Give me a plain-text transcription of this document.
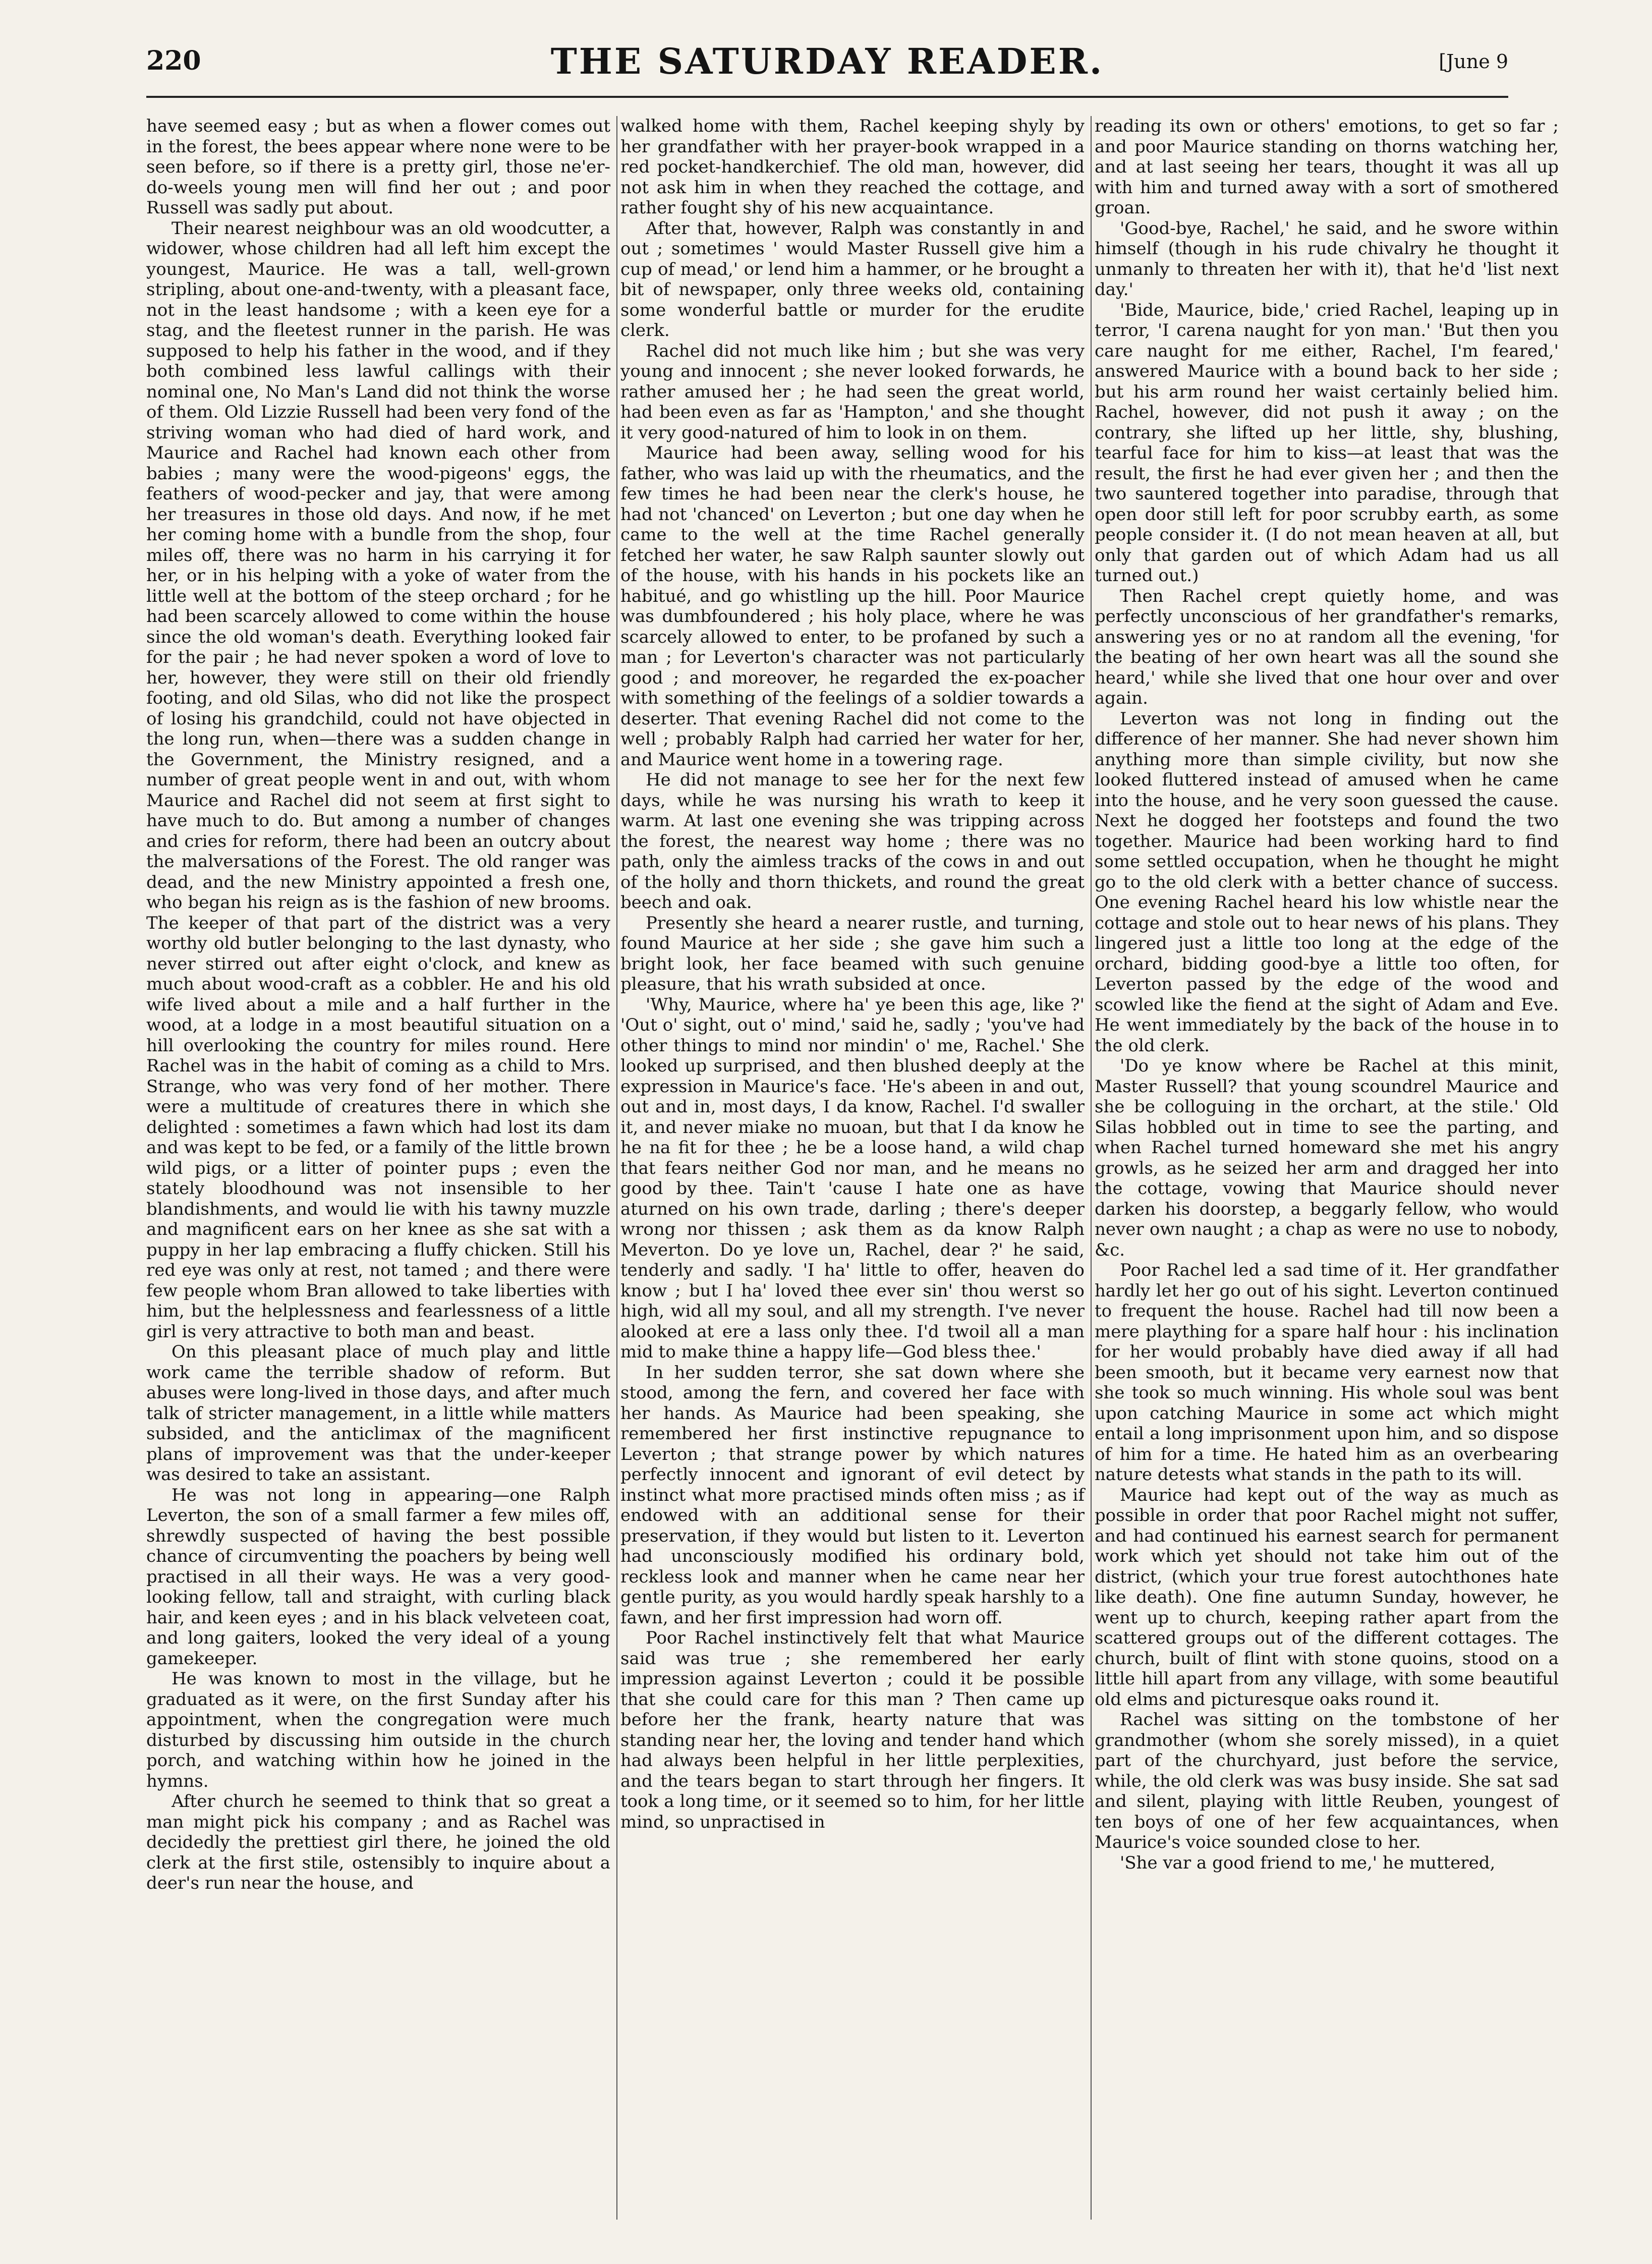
220	THE SATURDAY READER.	[June 9

have seemed easy ; but as when a flower comes out in the forest, the bees appear where none were to be seen before, so if there is a pretty girl, those ne'er-do-weels young men will find her out ; and poor Russell was sadly put about.

Their nearest neighbour was an old woodcutter, a widower, whose children had all left him except the youngest, Maurice. He was a tall, well-grown stripling, about one-and-twenty, with a pleasant face, not in the least handsome ; with a keen eye for a stag, and the fleetest runner in the parish. He was supposed to help his father in the wood, and if they both combined less lawful callings with their nominal one, No Man's Land did not think the worse of them. Old Lizzie Russell had been very fond of the striving woman who had died of hard work, and Maurice and Rachel had known each other from babies ; many were the wood-pigeons' eggs, the feathers of wood-pecker and jay, that were among her treasures in those old days. And now, if he met her coming home with a bundle from the shop, four miles off, there was no harm in his carrying it for her, or in his helping with a yoke of water from the little well at the bottom of the steep orchard ; for he had been scarcely allowed to come within the house since the old woman's death. Everything looked fair for the pair ; he had never spoken a word of love to her, however, they were still on their old friendly footing, and old Silas, who did not like the prospect of losing his grandchild, could not have objected in the long run, when—there was a sudden change in the Government, the Ministry resigned, and a number of great people went in and out, with whom Maurice and Rachel did not seem at first sight to have much to do. But among a number of changes and cries for reform, there had been an outcry about the malversations of the Forest. The old ranger was dead, and the new Ministry appointed a fresh one, who began his reign as is the fashion of new brooms. The keeper of that part of the district was a very worthy old butler belonging to the last dynasty, who never stirred out after eight o'clock, and knew as much about wood-craft as a cobbler. He and his old wife lived about a mile and a half further in the wood, at a lodge in a most beautiful situation on a hill overlooking the country for miles round. Here Rachel was in the habit of coming as a child to Mrs. Strange, who was very fond of her mother. There were a multitude of creatures there in which she delighted : sometimes a fawn which had lost its dam and was kept to be fed, or a family of the little brown wild pigs, or a litter of pointer pups ; even the stately bloodhound was not insensible to her blandishments, and would lie with his tawny muzzle and magnificent ears on her knee as she sat with a puppy in her lap embracing a fluffy chicken. Still his red eye was only at rest, not tamed ; and there were few people whom Bran allowed to take liberties with him, but the helplessness and fearlessness of a little girl is very attractive to both man and beast.

On this pleasant place of much play and little work came the terrible shadow of reform. But abuses were long-lived in those days, and after much talk of stricter management, in a little while matters subsided, and the anticlimax of the magnificent plans of improvement was that the under-keeper was desired to take an assistant.

He was not long in appearing—one Ralph Leverton, the son of a small farmer a few miles off, shrewdly suspected of having the best possible chance of circumventing the poachers by being well practised in all their ways. He was a very good-looking fellow, tall and straight, with curling black hair, and keen eyes ; and in his black velveteen coat, and long gaiters, looked the very ideal of a young gamekeeper.

He was known to most in the village, but he graduated as it were, on the first Sunday after his appointment, when the congregation were much disturbed by discussing him outside in the church porch, and watching within how he joined in the hymns.

After church he seemed to think that so great a man might pick his company ; and as Rachel was decidedly the prettiest girl there, he joined the old clerk at the first stile, ostensibly to inquire about a deer's run near the house, and

walked home with them, Rachel keeping shyly by her grandfather with her prayer-book wrapped in a red pocket-handkerchief. The old man, however, did not ask him in when they reached the cottage, and rather fought shy of his new acquaintance.

After that, however, Ralph was constantly in and out ; sometimes ' would Master Russell give him a cup of mead,' or lend him a hammer, or he brought a bit of newspaper, only three weeks old, containing some wonderful battle or murder for the erudite clerk.

Rachel did not much like him ; but she was very young and innocent ; she never looked forwards, he rather amused her ; he had seen the great world, had been even as far as 'Hampton,' and she thought it very good-natured of him to look in on them.

Maurice had been away, selling wood for his father, who was laid up with the rheumatics, and the few times he had been near the clerk's house, he had not 'chanced' on Leverton ; but one day when he came to the well at the time Rachel generally fetched her water, he saw Ralph saunter slowly out of the house, with his hands in his pockets like an habitué, and go whistling up the hill. Poor Maurice was dumbfoundered ; his holy place, where he was scarcely allowed to enter, to be profaned by such a man ; for Leverton's character was not particularly good ; and moreover, he regarded the ex-poacher with something of the feelings of a soldier towards a deserter. That evening Rachel did not come to the well ; probably Ralph had carried her water for her, and Maurice went home in a towering rage.

He did not manage to see her for the next few days, while he was nursing his wrath to keep it warm. At last one evening she was tripping across the forest, the nearest way home ; there was no path, only the aimless tracks of the cows in and out of the holly and thorn thickets, and round the great beech and oak.

Presently she heard a nearer rustle, and turning, found Maurice at her side ; she gave him such a bright look, her face beamed with such genuine pleasure, that his wrath subsided at once.

'Why, Maurice, where ha' ye been this age, like ?' 'Out o' sight, out o' mind,' said he, sadly ; 'you've had other things to mind nor mindin' o' me, Rachel.' She looked up surprised, and then blushed deeply at the expression in Maurice's face. 'He's abeen in and out, out and in, most days, I da know, Rachel. I'd swaller it, and never miake no muoan, but that I da know he he na fit for thee ; he be a loose hand, a wild chap that fears neither God nor man, and he means no good by thee. Tain't 'cause I hate one as have aturned on his own trade, darling ; there's deeper wrong nor thissen ; ask them as da know Ralph Meverton. Do ye love un, Rachel, dear ?' he said, tenderly and sadly. 'I ha' little to offer, heaven do know ; but I ha' loved thee ever sin' thou werst so high, wid all my soul, and all my strength. I've never alooked at ere a lass only thee. I'd twoil all a man mid to make thine a happy life—God bless thee.'

In her sudden terror, she sat down where she stood, among the fern, and covered her face with her hands. As Maurice had been speaking, she remembered her first instinctive repugnance to Leverton ; that strange power by which natures perfectly innocent and ignorant of evil detect by instinct what more practised minds often miss ; as if endowed with an additional sense for their preservation, if they would but listen to it. Leverton had unconsciously modified his ordinary bold, reckless look and manner when he came near her gentle purity, as you would hardly speak harshly to a fawn, and her first impression had worn off.

Poor Rachel instinctively felt that what Maurice said was true ; she remembered her early impression against Leverton ; could it be possible that she could care for this man ? Then came up before her the frank, hearty nature that was standing near her, the loving and tender hand which had always been helpful in her little perplexities, and the tears began to start through her fingers. It took a long time, or it seemed so to him, for her little mind, so unpractised in

reading its own or others' emotions, to get so far ; and poor Maurice standing on thorns watching her, and at last seeing her tears, thought it was all up with him and turned away with a sort of smothered groan.

'Good-bye, Rachel,' he said, and he swore within himself (though in his rude chivalry he thought it unmanly to threaten her with it), that he'd 'list next day.'

'Bide, Maurice, bide,' cried Rachel, leaping up in terror, 'I carena naught for yon man.' 'But then you care naught for me either, Rachel, I'm feared,' answered Maurice with a bound back to her side ; but his arm round her waist certainly belied him. Rachel, however, did not push it away ; on the contrary, she lifted up her little, shy, blushing, tearful face for him to kiss—at least that was the result, the first he had ever given her ; and then the two sauntered together into paradise, through that open door still left for poor scrubby earth, as some people consider it. (I do not mean heaven at all, but only that garden out of which Adam had us all turned out.)

Then Rachel crept quietly home, and was perfectly unconscious of her grandfather's remarks, answering yes or no at random all the evening, 'for the beating of her own heart was all the sound she heard,' while she lived that one hour over and over again.

Leverton was not long in finding out the difference of her manner. She had never shown him anything more than simple civility, but now she looked fluttered instead of amused when he came into the house, and he very soon guessed the cause. Next he dogged her footsteps and found the two together. Maurice had been working hard to find some settled occupation, when he thought he might go to the old clerk with a better chance of success. One evening Rachel heard his low whistle near the cottage and stole out to hear news of his plans. They lingered just a little too long at the edge of the orchard, bidding good-bye a little too often, for Leverton passed by the edge of the wood and scowled like the fiend at the sight of Adam and Eve. He went immediately by the back of the house in to the old clerk.

'Do ye know where be Rachel at this minit, Master Russell? that young scoundrel Maurice and she be colloguing in the orchart, at the stile.' Old Silas hobbled out in time to see the parting, and when Rachel turned homeward she met his angry growls, as he seized her arm and dragged her into the cottage, vowing that Maurice should never darken his doorstep, a beggarly fellow, who would never own naught ; a chap as were no use to nobody, &c.

Poor Rachel led a sad time of it. Her grandfather hardly let her go out of his sight. Leverton continued to frequent the house. Rachel had till now been a mere plaything for a spare half hour : his inclination for her would probably have died away if all had been smooth, but it became very earnest now that she took so much winning. His whole soul was bent upon catching Maurice in some act which might entail a long imprisonment upon him, and so dispose of him for a time. He hated him as an overbearing nature detests what stands in the path to its will.

Maurice had kept out of the way as much as possible in order that poor Rachel might not suffer, and had continued his earnest search for permanent work which yet should not take him out of the district, (which your true forest autochthones hate like death). One fine autumn Sunday, however, he went up to church, keeping rather apart from the scattered groups out of the different cottages. The church, built of flint with stone quoins, stood on a little hill apart from any village, with some beautiful old elms and picturesque oaks round it.

Rachel was sitting on the tombstone of her grandmother (whom she sorely missed), in a quiet part of the churchyard, just before the service, while, the old clerk was was busy inside. She sat sad and silent, playing with little Reuben, youngest of ten boys of one of her few acquaintances, when Maurice's voice sounded close to her.

'She var a good friend to me,' he muttered,
